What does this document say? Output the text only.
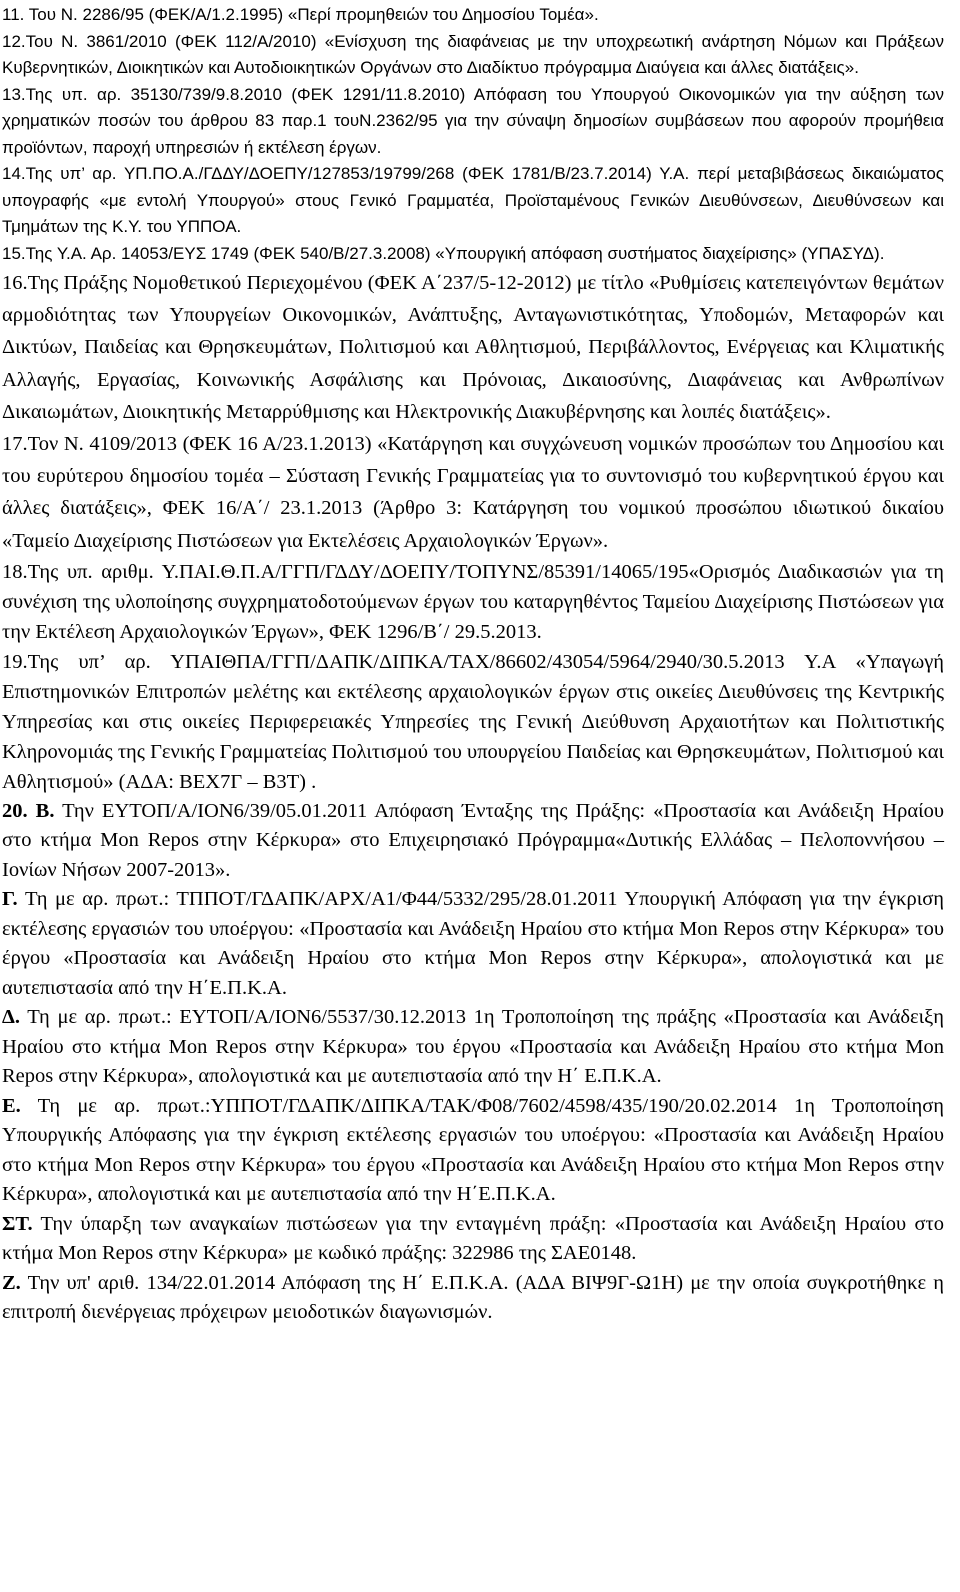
11. Του Ν. 2286/95 (ΦΕΚ/Α/1.2.1995) «Περί προμηθειών του Δημοσίου Τομέα».

12.Του Ν. 3861/2010 (ΦΕΚ 112/Α/2010) «Ενίσχυση της διαφάνειας με την υποχρεωτική ανάρτηση Νόμων και Πράξεων Κυβερνητικών, Διοικητικών και Αυτοδιοικητικών Οργάνων στο Διαδίκτυο πρόγραμμα Διαύγεια και άλλες διατάξεις».

13.Της υπ. αρ. 35130/739/9.8.2010 (ΦΕΚ 1291/11.8.2010) Απόφαση του Υπουργού Οικονομικών για την αύξηση των χρηματικών ποσών του άρθρου 83 παρ.1 τουΝ.2362/95 για την σύναψη δημοσίων συμβάσεων που αφορούν προμήθεια προϊόντων, παροχή υπηρεσιών ή εκτέλεση έργων.

14.Της υπ’ αρ. ΥΠ.ΠΟ.Α./ΓΔΔΥ/ΔΟΕΠΥ/127853/19799/268 (ΦΕΚ 1781/Β/23.7.2014) Υ.Α. περί μεταβιβάσεως δικαιώματος υπογραφής «με εντολή Υπουργού» στους Γενικό Γραμματέα, Προϊσταμένους Γενικών Διευθύνσεων, Διευθύνσεων και Τμημάτων της Κ.Υ. του ΥΠΠΟΑ.

15.Της Υ.Α. Αρ. 14053/ΕΥΣ 1749 (ΦΕΚ 540/Β/27.3.2008) «Υπουργική απόφαση συστήματος διαχείρισης» (ΥΠΑΣΥΔ).

16.Της Πράξης Νομοθετικού Περιεχομένου (ΦΕΚ Α΄237/5-12-2012) με τίτλο «Ρυθμίσεις κατεπειγόντων θεμάτων αρμοδιότητας των Υπουργείων Οικονομικών, Ανάπτυξης, Ανταγωνιστικότητας, Υποδομών, Μεταφορών και Δικτύων, Παιδείας και Θρησκευμάτων, Πολιτισμού και Αθλητισμού, Περιβάλλοντος, Ενέργειας και Κλιματικής Αλλαγής, Εργασίας, Κοινωνικής Ασφάλισης και Πρόνοιας, Δικαιοσύνης, Διαφάνειας και Ανθρωπίνων Δικαιωμάτων, Διοικητικής Μεταρρύθμισης και Ηλεκτρονικής Διακυβέρνησης και λοιπές διατάξεις».

17.Τον Ν. 4109/2013 (ΦΕΚ 16 Α/23.1.2013) «Κατάργηση και συγχώνευση νομικών προσώπων του Δημοσίου και του ευρύτερου δημοσίου τομέα – Σύσταση Γενικής Γραμματείας για το συντονισμό του κυβερνητικού έργου και άλλες διατάξεις», ΦΕΚ 16/Α΄/ 23.1.2013 (Άρθρο 3: Κατάργηση του νομικού προσώπου ιδιωτικού δικαίου «Ταμείο Διαχείρισης Πιστώσεων για Εκτελέσεις Αρχαιολογικών Έργων».

18.Της υπ. αριθμ. Υ.ΠΑΙ.Θ.Π.Α/ΓΓΠ/ΓΔΔΥ/ΔΟΕΠΥ/ΤΟΠΥΝΣ/85391/14065/195«Ορισμός Διαδικασιών για τη συνέχιση της υλοποίησης συγχρηματοδοτούμενων έργων του καταργηθέντος Ταμείου Διαχείρισης Πιστώσεων για την Εκτέλεση Αρχαιολογικών Έργων», ΦΕΚ 1296/Β΄/ 29.5.2013.

19.Της υπ’ αρ. ΥΠΑΙΘΠΑ/ΓΓΠ/ΔΑΠΚ/ΔΙΠΚΑ/ΤΑΧ/86602/43054/5964/2940/30.5.2013 Υ.Α «Υπαγωγή Επιστημονικών Επιτροπών μελέτης και εκτέλεσης αρχαιολογικών έργων στις οικείες Διευθύνσεις της Κεντρικής Υπηρεσίας και στις οικείες Περιφερειακές Υπηρεσίες της Γενική Διεύθυνση Αρχαιοτήτων και Πολιτιστικής Κληρονομιάς της Γενικής Γραμματείας Πολιτισμού του υπουργείου Παιδείας και Θρησκευμάτων, Πολιτισμού και Αθλητισμού» (ΑΔΑ: ΒΕΧ7Γ – Β3Τ) .

20. Β. Την ΕΥΤΟΠ/Α/ΙΟΝ6/39/05.01.2011 Απόφαση Ένταξης της Πράξης: «Προστασία και Ανάδειξη Ηραίου στο κτήμα Mon Repos στην Κέρκυρα» στο Επιχειρησιακό Πρόγραμμα«Δυτικής Ελλάδας – Πελοποννήσου – Ιονίων Νήσων 2007-2013».

Γ. Τη με αρ. πρωτ.: ΤΠΠΟΤ/ΓΔΑΠΚ/ΑΡΧ/Α1/Φ44/5332/295/28.01.2011 Υπουργική Απόφαση για την έγκριση εκτέλεσης εργασιών του υποέργου: «Προστασία και Ανάδειξη Ηραίου στο κτήμα Mon Repos στην Κέρκυρα» του έργου «Προστασία και Ανάδειξη Ηραίου στο κτήμα Mon Repos στην Κέρκυρα», απολογιστικά και με αυτεπιστασία από την Η΄Ε.Π.Κ.Α.

Δ. Τη με αρ. πρωτ.: ΕΥΤΟΠ/Α/ΙΟΝ6/5537/30.12.2013 1η Τροποποίηση της πράξης «Προστασία και Ανάδειξη Ηραίου στο κτήμα Mon Repos στην Κέρκυρα» του έργου «Προστασία και Ανάδειξη Ηραίου στο κτήμα Mon Repos στην Κέρκυρα», απολογιστικά και με αυτεπιστασία από την Η΄ Ε.Π.Κ.Α.

Ε. Τη με αρ. πρωτ.:ΥΠΠΟΤ/ΓΔΑΠΚ/ΔΙΠΚΑ/ΤΑΚ/Φ08/7602/4598/435/190/20.02.2014 1η Τροποποίηση Υπουργικής Απόφασης για την έγκριση εκτέλεσης εργασιών του υποέργου: «Προστασία και Ανάδειξη Ηραίου στο κτήμα Mon Repos στην Κέρκυρα» του έργου «Προστασία και Ανάδειξη Ηραίου στο κτήμα Mon Repos στην Κέρκυρα», απολογιστικά και με αυτεπιστασία από την Η΄Ε.Π.Κ.Α.

ΣΤ. Την ύπαρξη των αναγκαίων πιστώσεων για την ενταγμένη πράξη: «Προστασία και Ανάδειξη Ηραίου στο κτήμα Mon Repos στην Κέρκυρα» με κωδικό πράξης: 322986 της ΣΑΕ0148.

Ζ. Την υπ' αριθ. 134/22.01.2014 Απόφαση της Η΄ Ε.Π.Κ.Α. (ΑΔΑ ΒΙΨ9Γ-Ω1Η) με την οποία συγκροτήθηκε η επιτροπή διενέργειας πρόχειρων μειοδοτικών διαγωνισμών.
